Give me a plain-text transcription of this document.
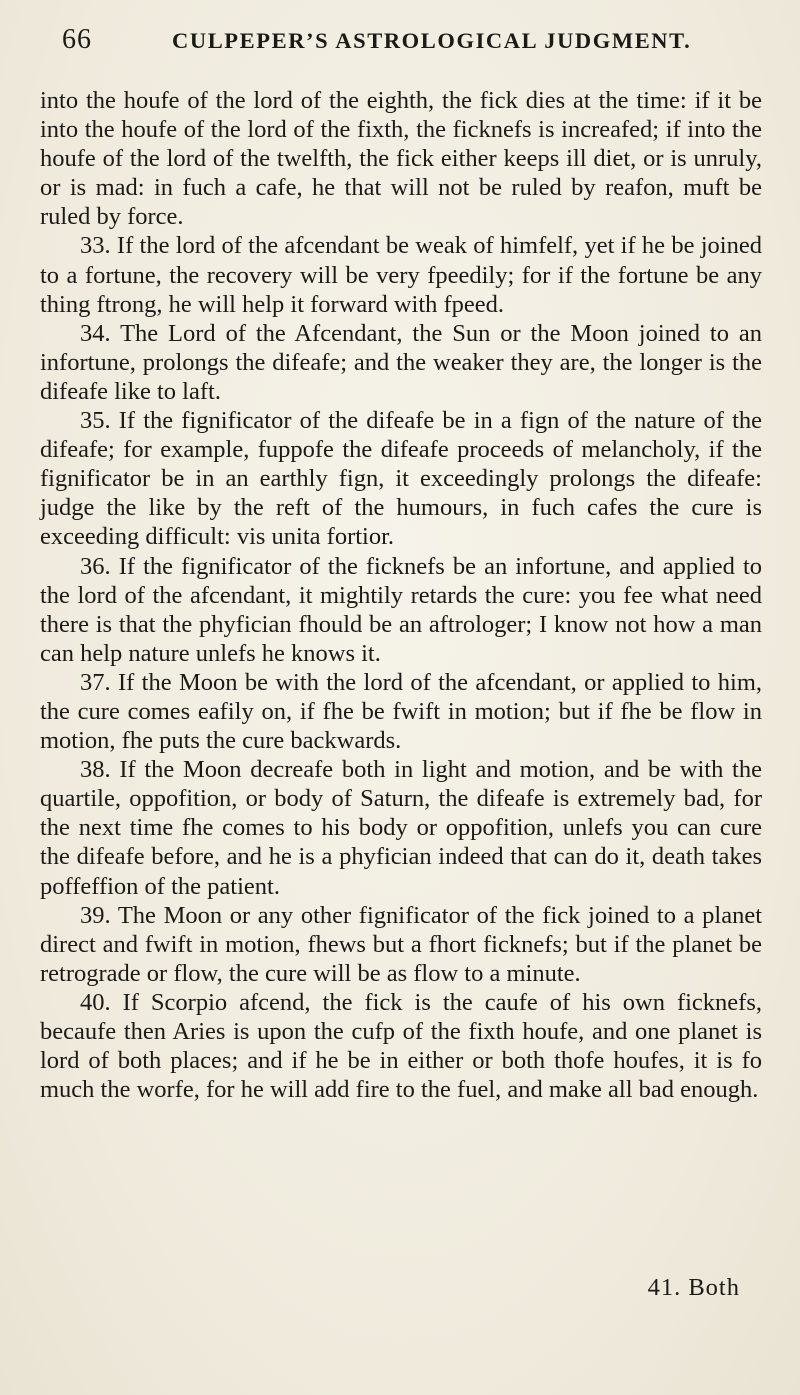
66	CULPEPER’S ASTROLOGICAL JUDGMENT.

into the houfe of the lord of the eighth, the fick dies at the time: if it be into the houfe of the lord of the fixth, the ficknefs is increafed; if into the houfe of the lord of the twelfth, the fick either keeps ill diet, or is unruly, or is mad: in fuch a cafe, he that will not be ruled by reafon, muft be ruled by force.

33. If the lord of the afcendant be weak of himfelf, yet if he be joined to a fortune, the recovery will be very fpeedily; for if the fortune be any thing ftrong, he will help it forward with fpeed.

34. The Lord of the Afcendant, the Sun or the Moon joined to an infortune, prolongs the difeafe; and the weaker they are, the longer is the difeafe like to laft.

35. If the fignificator of the difeafe be in a fign of the nature of the difeafe; for example, fuppofe the difeafe proceeds of melancholy, if the fignificator be in an earthly fign, it exceedingly prolongs the difeafe: judge the like by the reft of the humours, in fuch cafes the cure is exceeding difficult: vis unita fortior.

36. If the fignificator of the ficknefs be an infortune, and applied to the lord of the afcendant, it mightily retards the cure: you fee what need there is that the phyfician fhould be an aftrologer; I know not how a man can help nature unlefs he knows it.

37. If the Moon be with the lord of the afcendant, or applied to him, the cure comes eafily on, if fhe be fwift in motion; but if fhe be flow in motion, fhe puts the cure backwards.

38. If the Moon decreafe both in light and motion, and be with the quartile, oppofition, or body of Saturn, the difeafe is extremely bad, for the next time fhe comes to his body or oppofition, unlefs you can cure the difeafe before, and he is a phyfician indeed that can do it, death takes poffeffion of the patient.

39. The Moon or any other fignificator of the fick joined to a planet direct and fwift in motion, fhews but a fhort ficknefs; but if the planet be retrograde or flow, the cure will be as flow to a minute.

40. If Scorpio afcend, the fick is the caufe of his own ficknefs, becaufe then Aries is upon the cufp of the fixth houfe, and one planet is lord of both places; and if he be in either or both thofe houfes, it is fo much the worfe, for he will add fire to the fuel, and make all bad enough.

41. Both
